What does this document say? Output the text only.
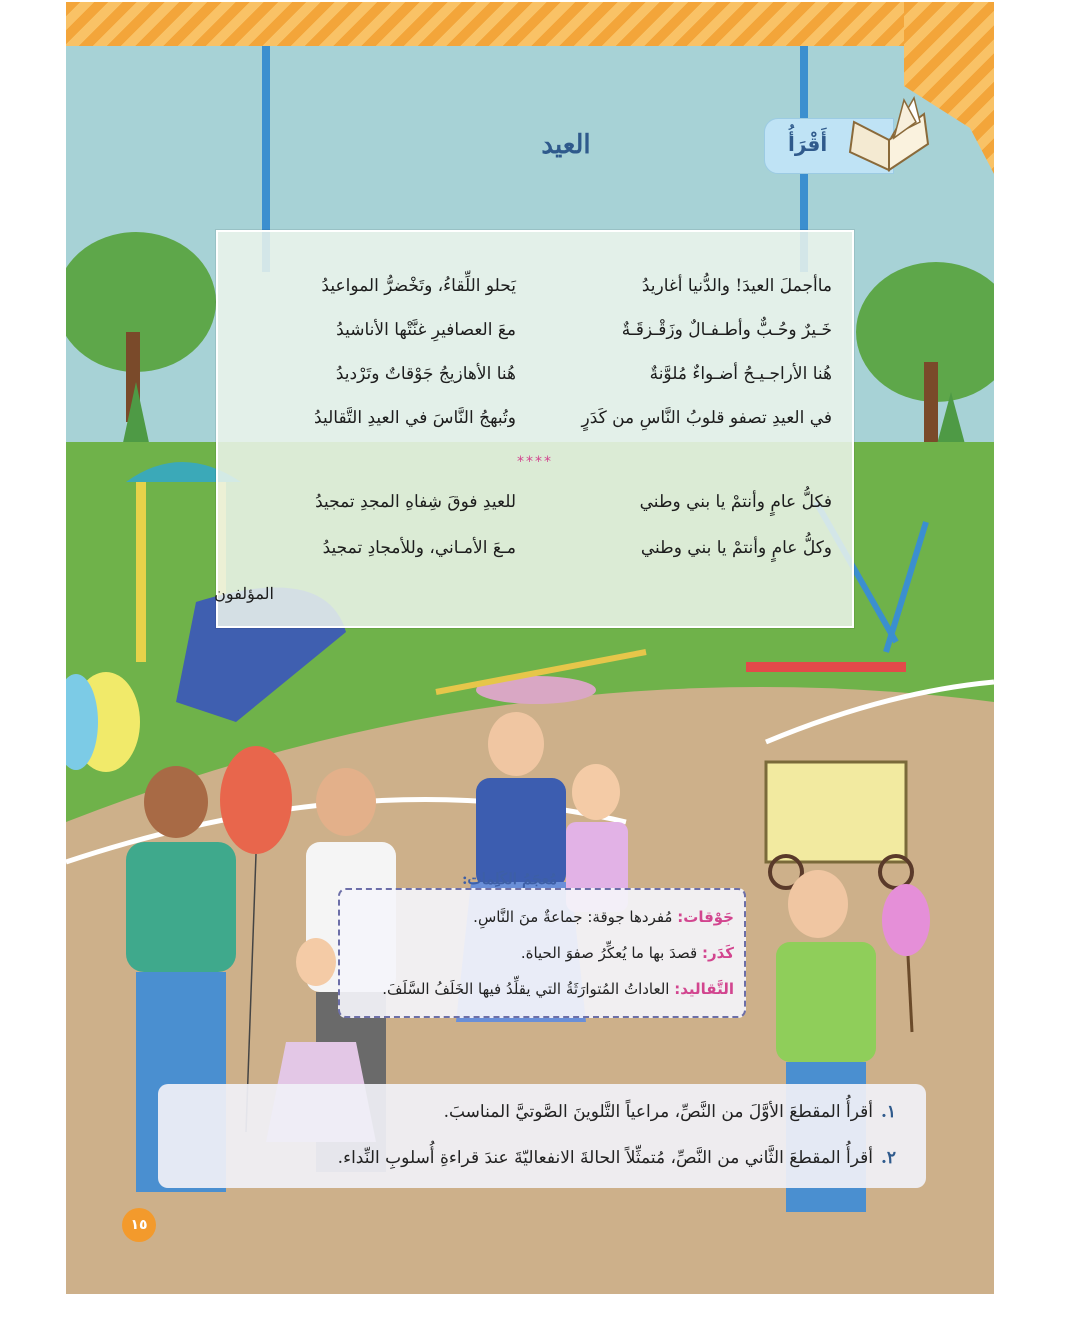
أَقْرَأُ
العيد
ماأجملَ العيدَ! والدُّنيا أغاريدُ
يَحلو اللِّقاءُ، وتَخْضرُّ المواعيدُ
خَـيرٌ وحُـبٌّ وأطـفـالٌ وزَقْـزقَـةٌ
معَ العصافيرِ غنَّتْها الأناشيدُ
هُنا الأراجـيـحُ أضـواءٌ مُلوَّنةٌ
هُنا الأهازيجُ جَوْقاتٌ وتَرْديدُ
في العيدِ تصفو قلوبُ النَّاسِ من كَدَرٍ
وتُبهجُ النَّاسَ في العيدِ التَّقاليدُ
****
فكلُّ عامٍ وأنتمْ يا بني وطني
للعيدِ فوقَ شِفاهِ المجدِ تمجيدُ
وكلُّ عامٍ وأنتمْ يا بني وطني
مـعَ الأمـاني، وللأمجادِ تمجيدُ
المؤلفون
جَوْقات: مُفردها جوقة: جماعةٌ منَ النَّاسِ.
كَدَر: قصدَ بها ما يُعكِّرُ صفوَ الحياة.
التَّقاليد: العاداتُ المُتوارَثَةُ التي يقلِّدُ فيها الخَلَفُ السَّلَفَ.
مُعجَمُ الكَلِمات:
١.أقرأُ المقطعَ الأوَّلَ من النَّصِّ، مراعياً التَّلوينَ الصَّوتيَّ المناسبَ.
٢.أقرأُ المقطعَ الثَّاني من النَّصِّ، مُتمثِّلاً الحالةَ الانفعاليّةَ عندَ قراءةِ أُسلوبِ النِّداء.
١٥
